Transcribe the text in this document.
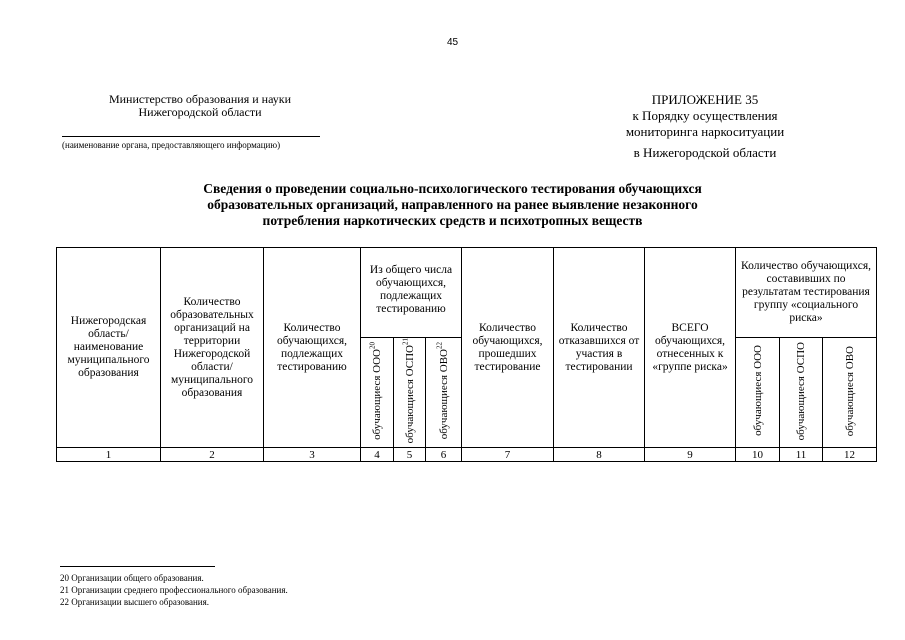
45
Министерство образования и науки
Нижегородской области
(наименование органа, предоставляющего информацию)
ПРИЛОЖЕНИЕ 35
к Порядку осуществления
мониторинга наркоситуации
в Нижегородской области
Сведения о проведении социально-психологического тестирования обучающихся
образовательных организаций, направленного на ранее выявление незаконного
потребления наркотических средств и психотропных веществ
Нижегородская область/ наименование муниципального образования	Количество образовательных организаций на территории Нижегородской области/ муниципального образования	Количество обучающихся, подлежащих тестированию	Из общего числа обучающихся, подлежащих тестированию			Количество обучающихся, прошедших тестирование	Количество отказавшихся от участия в тестировании	ВСЕГО обучающихся, отнесенных к «группе риска»	Количество обучающихся, составивших по результатам тестирования группу «социального риска»		
			обучающиеся ООО$^{20}$	обучающиеся ОСПО$^{21}$	обучающиеся ОВО$^{22}$				обучающиеся ООО	обучающиеся ОСПО	обучающиеся ОВО
1	2	3	4	5	6	7	8	9	10	11	12
20 Организации общего образования.
21 Организации среднего профессионального образования.
22 Организации высшего образования.
